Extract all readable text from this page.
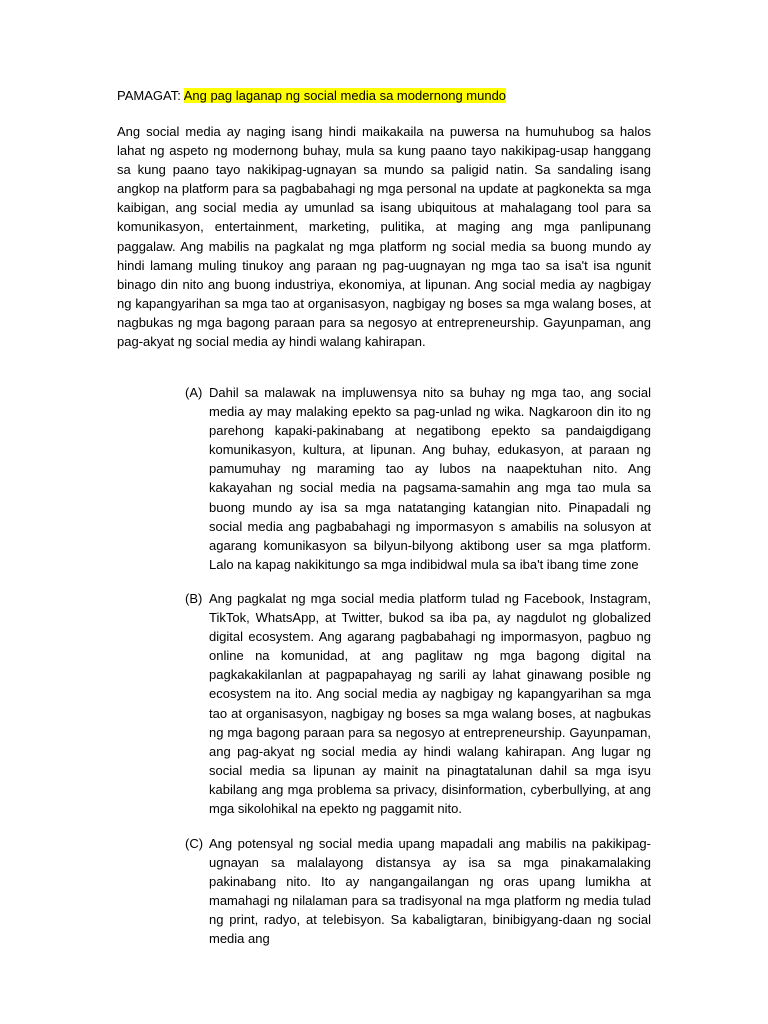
PAMAGAT: Ang pag laganap ng social media sa modernong mundo

Ang social media ay naging isang hindi maikakaila na puwersa na humuhubog sa halos lahat ng aspeto ng modernong buhay, mula sa kung paano tayo nakikipag-usap hanggang sa kung paano tayo nakikipag-ugnayan sa mundo sa paligid natin. Sa sandaling isang angkop na platform para sa pagbabahagi ng mga personal na update at pagkonekta sa mga kaibigan, ang social media ay umunlad sa isang ubiquitous at mahalagang tool para sa komunikasyon, entertainment, marketing, pulitika, at maging ang mga panlipunang paggalaw. Ang mabilis na pagkalat ng mga platform ng social media sa buong mundo ay hindi lamang muling tinukoy ang paraan ng pag-uugnayan ng mga tao sa isa't isa ngunit binago din nito ang buong industriya, ekonomiya, at lipunan. Ang social media ay nagbigay ng kapangyarihan sa mga tao at organisasyon, nagbigay ng boses sa mga walang boses, at nagbukas ng mga bagong paraan para sa negosyo at entrepreneurship. Gayunpaman, ang pag-akyat ng social media ay hindi walang kahirapan.

(A) Dahil sa malawak na impluwensya nito sa buhay ng mga tao, ang social media ay may malaking epekto sa pag-unlad ng wika. Nagkaroon din ito ng parehong kapaki-pakinabang at negatibong epekto sa pandaigdigang komunikasyon, kultura, at lipunan. Ang buhay, edukasyon, at paraan ng pamumuhay ng maraming tao ay lubos na naapektuhan nito. Ang kakayahan ng social media na pagsama-samahin ang mga tao mula sa buong mundo ay isa sa mga natatanging katangian nito. Pinapadali ng social media ang pagbabahagi ng impormasyon s amabilis na solusyon at agarang komunikasyon sa bilyun-bilyong aktibong user sa mga platform. Lalo na kapag nakikitungo sa mga indibidwal mula sa iba't ibang time zone

(B) Ang pagkalat ng mga social media platform tulad ng Facebook, Instagram, TikTok, WhatsApp, at Twitter, bukod sa iba pa, ay nagdulot ng globalized digital ecosystem. Ang agarang pagbabahagi ng impormasyon, pagbuo ng online na komunidad, at ang paglitaw ng mga bagong digital na pagkakakilanlan at pagpapahayag ng sarili ay lahat ginawang posible ng ecosystem na ito. Ang social media ay nagbigay ng kapangyarihan sa mga tao at organisasyon, nagbigay ng boses sa mga walang boses, at nagbukas ng mga bagong paraan para sa negosyo at entrepreneurship. Gayunpaman, ang pag-akyat ng social media ay hindi walang kahirapan. Ang lugar ng social media sa lipunan ay mainit na pinagtatalunan dahil sa mga isyu kabilang ang mga problema sa privacy, disinformation, cyberbullying, at ang mga sikolohikal na epekto ng paggamit nito.

(C) Ang potensyal ng social media upang mapadali ang mabilis na pakikipag-ugnayan sa malalayong distansya ay isa sa mga pinakamalaking pakinabang nito. Ito ay nangangailangan ng oras upang lumikha at mamahagi ng nilalaman para sa tradisyonal na mga platform ng media tulad ng print, radyo, at telebisyon. Sa kabaligtaran, binibigyang-daan ng social media ang
